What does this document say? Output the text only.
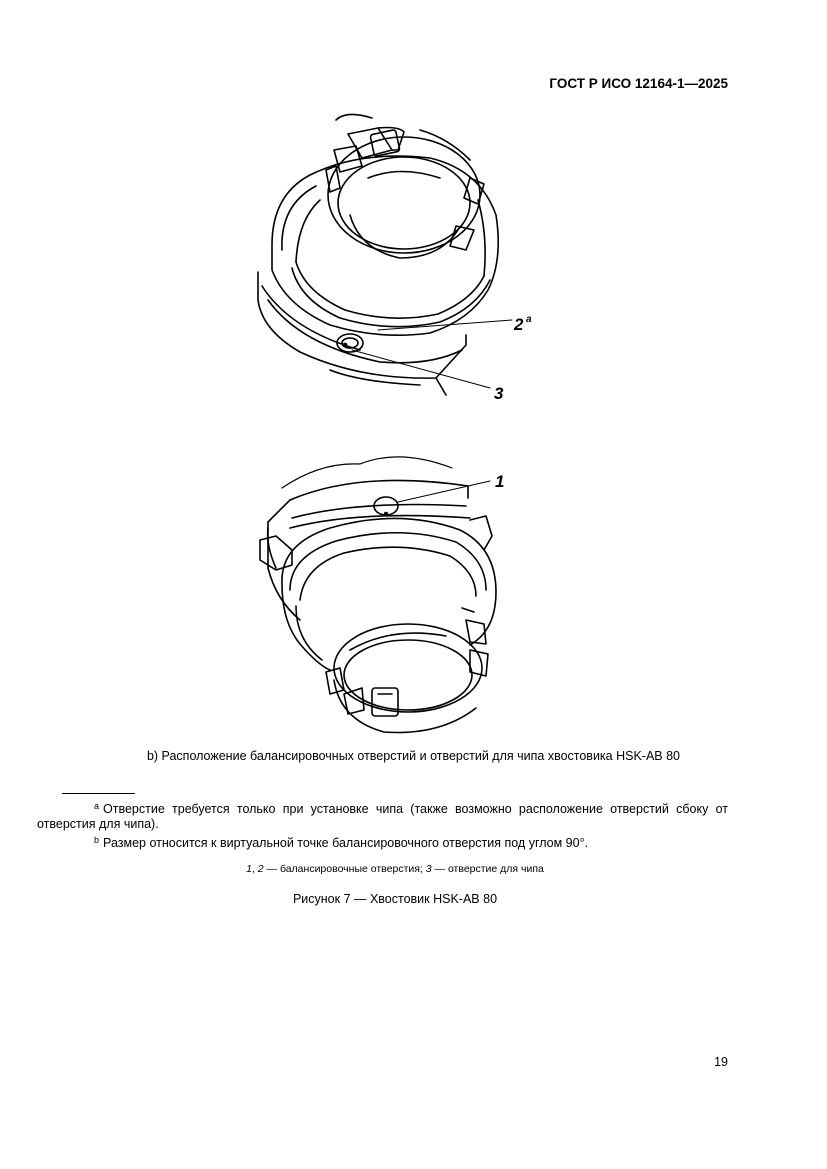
ГОСТ Р ИСО 12164-1—2025
2 a
3
1
b) Расположение балансировочных отверстий и отверстий для чипа хвостовика HSK-AB 80
$^a$ Отверстие требуется только при установке чипа (также возможно расположение отверстий сбоку от отверстия для чипа).
$^b$ Размер относится к виртуальной точке балансировочного отверстия под углом 90°.
1, 2 — балансировочные отверстия; 3 — отверстие для чипа
Рисунок 7 — Хвостовик HSK-AB 80
19
